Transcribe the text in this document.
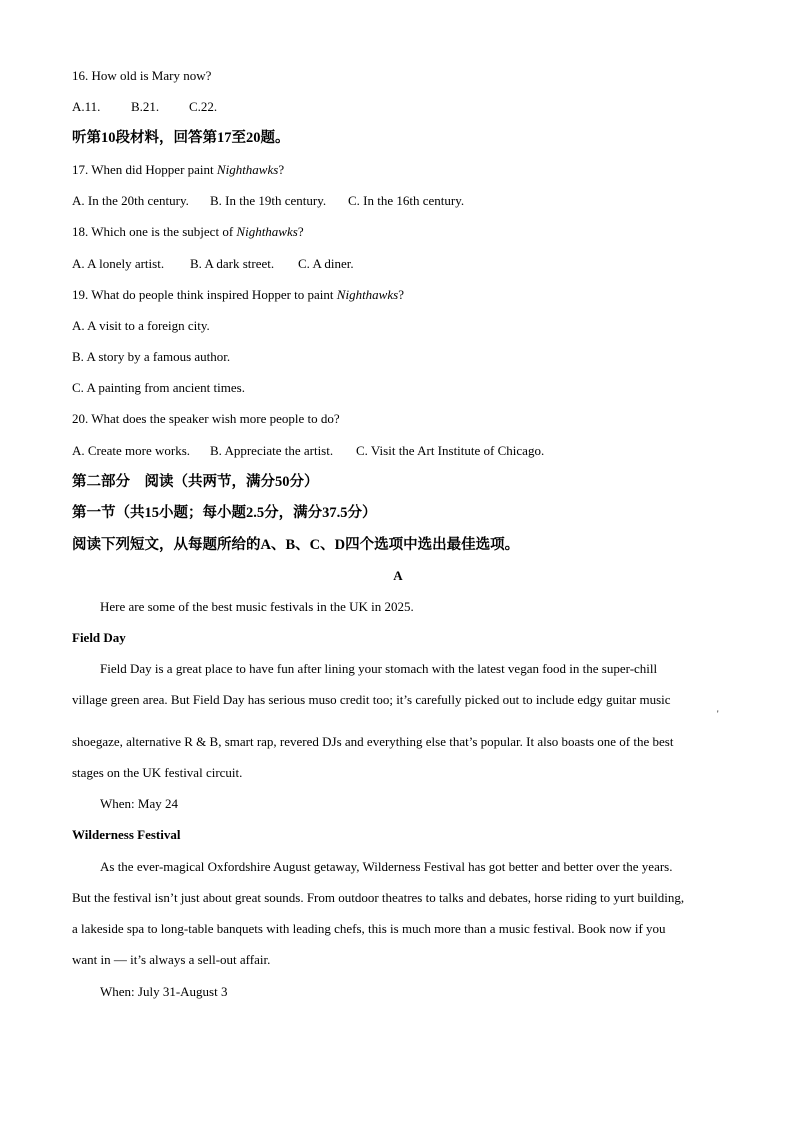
16. How old is Mary now?
A.11. B.21. C.22.
听第10段材料，回答第17至20题。
17. When did Hopper paint Nighthawks?
A. In the 20th century. B. In the 19th century. C. In the 16th century.
18. Which one is the subject of Nighthawks?
A. A lonely artist. B. A dark street. C. A diner.
19. What do people think inspired Hopper to paint Nighthawks?
A. A visit to a foreign city.
B. A story by a famous author.
C. A painting from ancient times.
20. What does the speaker wish more people to do?
A. Create more works. B. Appreciate the artist. C. Visit the Art Institute of Chicago.
第二部分　阅读（共两节，满分50分）
第一节（共15小题；每小题2.5分，满分37.5分）
阅读下列短文，从每题所给的A、B、C、D四个选项中选出最佳选项。
A
Here are some of the best music festivals in the UK in 2025.
Field Day
Field Day is a great place to have fun after lining your stomach with the latest vegan food in the super-chill
village green area. But Field Day has serious muso credit too; it’s carefully picked out to include edgy guitar music
'
shoegaze, alternative R & B, smart rap, revered DJs and everything else that’s popular. It also boasts one of the best
stages on the UK festival circuit.
When: May 24
Wilderness Festival
As the ever-magical Oxfordshire August getaway, Wilderness Festival has got better and better over the years.
But the festival isn’t just about great sounds. From outdoor theatres to talks and debates, horse riding to yurt building,
a lakeside spa to long-table banquets with leading chefs, this is much more than a music festival. Book now if you
want in — it’s always a sell-out affair.
When: July 31-August 3
